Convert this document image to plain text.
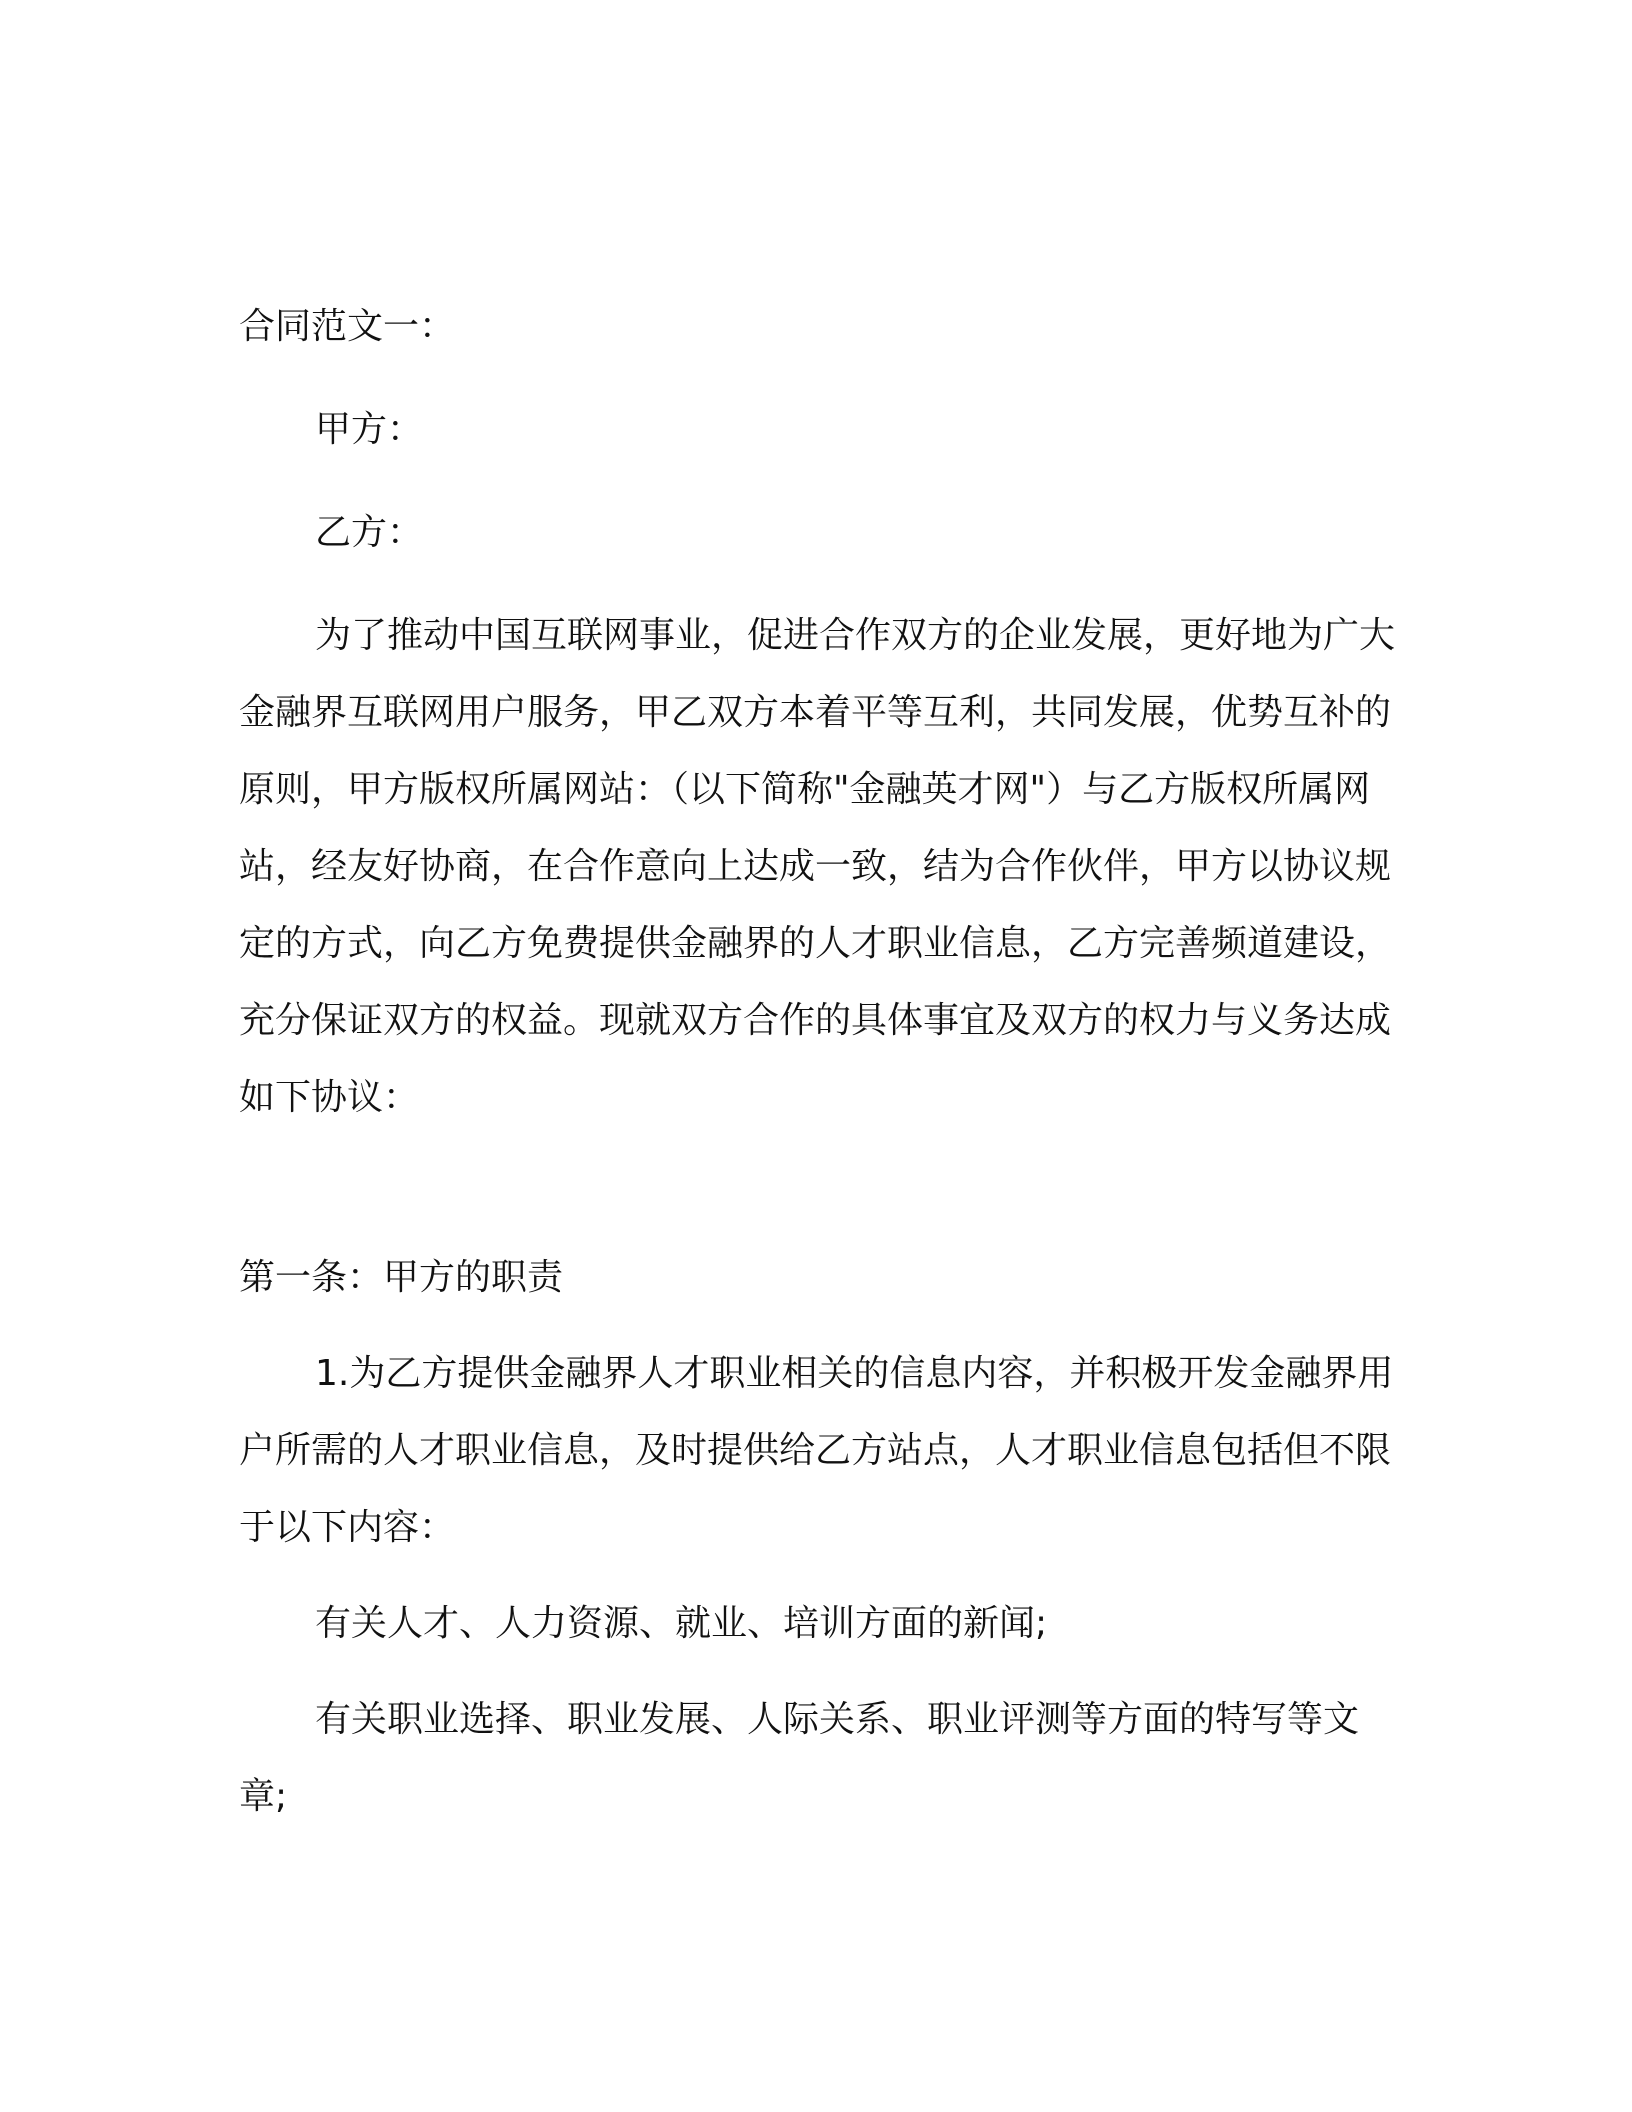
合同范文一：

甲方：

乙方：

为了推动中国互联网事业，促进合作双方的企业发展，更好地为广大金融界互联网用户服务，甲乙双方本着平等互利，共同发展，优势互补的原则，甲方版权所属网站：（以下简称"金融英才网"）与乙方版权所属网站，经友好协商，在合作意向上达成一致，结为合作伙伴，甲方以协议规定的方式，向乙方免费提供金融界的人才职业信息，乙方完善频道建设，充分保证双方的权益。现就双方合作的具体事宜及双方的权力与义务达成如下协议：

第一条：甲方的职责

1.为乙方提供金融界人才职业相关的信息内容，并积极开发金融界用户所需的人才职业信息，及时提供给乙方站点，人才职业信息包括但不限于以下内容：

有关人才、人力资源、就业、培训方面的新闻;

有关职业选择、职业发展、人际关系、职业评测等方面的特写等文章;
